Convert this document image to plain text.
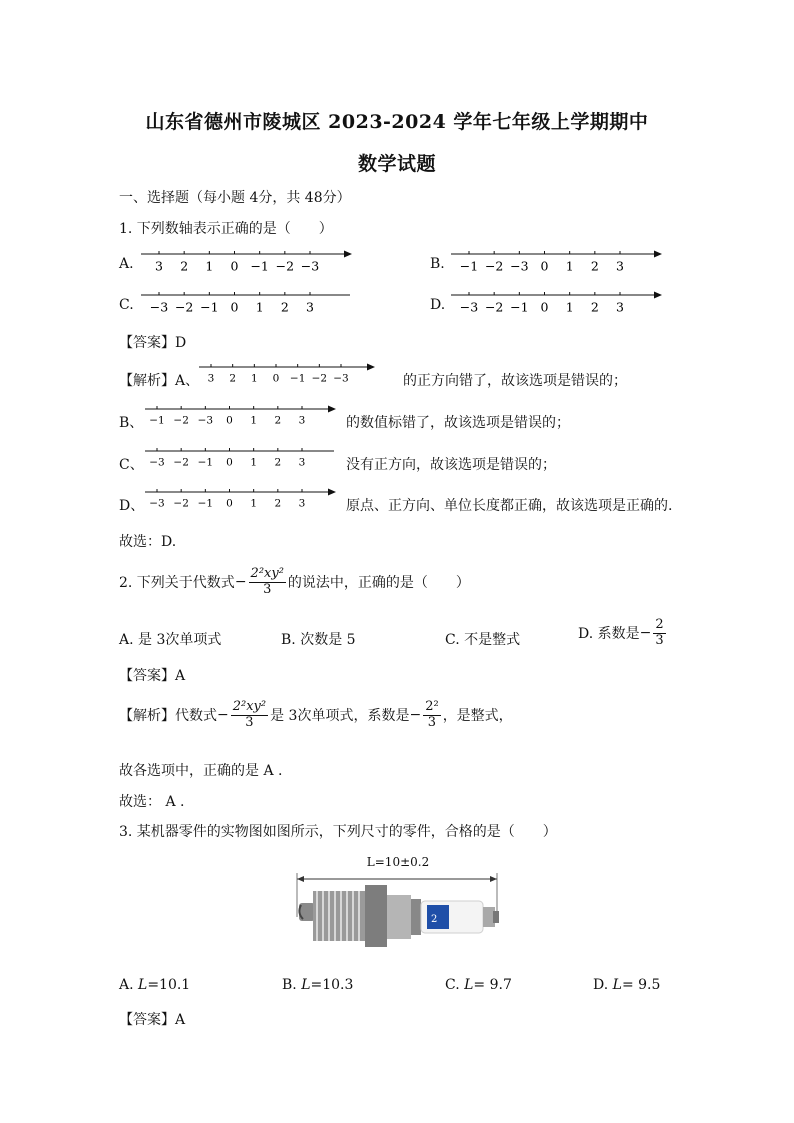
山东省德州市陵城区 2023-2024 学年七年级上学期期中
数学试题
一、选择题（每小题 4分，共 48分）
1. 下列数轴表示正确的是（　　）
A. 3 2 1 0 −1 −2 −3	B. −1 −2 −3 0 1 2 3
C. −3 −2 −1 0 1 2 3	D. −3 −2 −1 0 1 2 3
【答案】D
【解析】A、 3 2 1 0 −1 −2 −3	的正方向错了，故该选项是错误的；
B、 −1 −2 −3 0 1 2 3	的数值标错了，故该选项是错误的；
C、 −3 −2 −1 0 1 2 3	没有正方向，故该选项是错误的；
D、 −3 −2 −1 0 1 2 3	原点、正方向、单位长度都正确，故该选项是正确的.
故选：D.
2. 下列关于代数式 − $\frac{\text{2²xy²}}{3}$ 的说法中，正确的是（　　）
A. 是 3次单项式	B. 次数是 5	C. 不是整式	D. 系数是 − $\frac{2}{3}$
【答案】A
【解析】代数式 − $\frac{\text{2²xy²}}{3}$ 是 3次单项式，系数是 − $\frac{\text{2²}}{3}$ ，是整式，
故各选项中，正确的是 A .
故选： A .
3. 某机器零件的实物图如图所示，下列尺寸的零件，合格的是（　　）
L=10±0.2
2
A. L=10.1	B. L=10.3	C. L= 9.7	D. L= 9.5
【答案】A
